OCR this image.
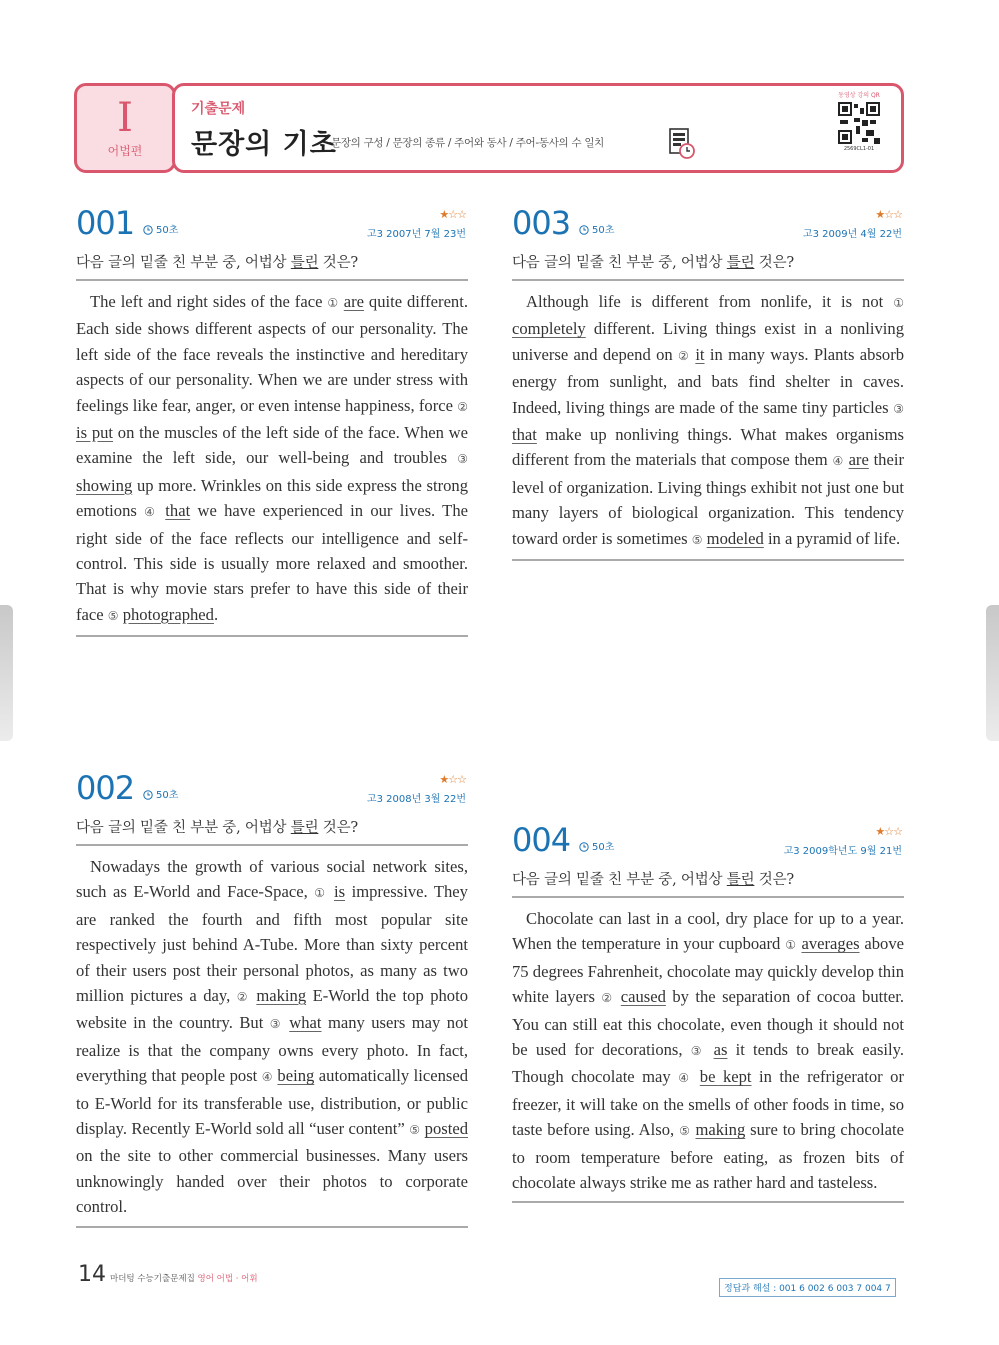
I
어법편
기출문제
문장의 기초
문장의 구성 / 문장의 종류 / 주어와 동사 / 주어-동사의 수 일치
동영상 강의 QR
2569CL1-01
001	50초
★☆☆
고3 2007년 7월 23번
다음 글의 밑줄 친 부분 중, 어법상 틀린 것은?
The left and right sides of the face ① are quite different. Each side shows different aspects of our personality. The left side of the face reveals the instinctive and hereditary aspects of our personality. When we are under stress with feelings like fear, anger, or even intense happiness, force ② is put on the muscles of the left side of the face. When we examine the left side, our well-being and troubles ③ showing up more. Wrinkles on this side express the strong emotions ④ that we have experienced in our lives. The right side of the face reflects our intelligence and self-control. This side is usually more relaxed and smoother. That is why movie stars prefer to have this side of their face ⑤ photographed.
003	50초
★☆☆
고3 2009년 4월 22번
다음 글의 밑줄 친 부분 중, 어법상 틀린 것은?
Although life is different from nonlife, it is not ① completely different. Living things exist in a nonliving universe and depend on ② it in many ways. Plants absorb energy from sunlight, and bats find shelter in caves. Indeed, living things are made of the same tiny particles ③ that make up nonliving things. What makes organisms different from the materials that compose them ④ are their level of organization. Living things exhibit not just one but many layers of biological organization. This tendency toward order is sometimes ⑤ modeled in a pyramid of life.
002	50초
★☆☆
고3 2008년 3월 22번
다음 글의 밑줄 친 부분 중, 어법상 틀린 것은?
Nowadays the growth of various social network sites, such as E-World and Face-Space, ① is impressive. They are ranked the fourth and fifth most popular site respectively just behind A-Tube. More than sixty percent of their users post their personal photos, as many as two million pictures a day, ② making E-World the top photo website in the country. But ③ what many users may not realize is that the company owns every photo. In fact, everything that people post ④ being automatically licensed to E-World for its transferable use, distribution, or public display. Recently E-World sold all “user content” ⑤ posted on the site to other commercial businesses. Many users unknowingly handed over their photos to corporate control.
004	50초
★☆☆
고3 2009학년도 9월 21번
다음 글의 밑줄 친 부분 중, 어법상 틀린 것은?
Chocolate can last in a cool, dry place for up to a year. When the temperature in your cupboard ① averages above 75 degrees Fahrenheit, chocolate may quickly develop thin white layers ② caused by the separation of cocoa butter. You can still eat this chocolate, even though it should not be used for decorations, ③ as it tends to break easily. Though chocolate may ④ be kept in the refrigerator or freezer, it will take on the smells of other foods in time, so taste before using. Also, ⑤ making sure to bring chocolate to room temperature before eating, as frozen bits of chocolate always strike me as rather hard and tasteless.
14 마더텅 수능기출문제집 영어 어법 · 어휘
정답과 해설 : 001 6 002 6 003 7 004 7
